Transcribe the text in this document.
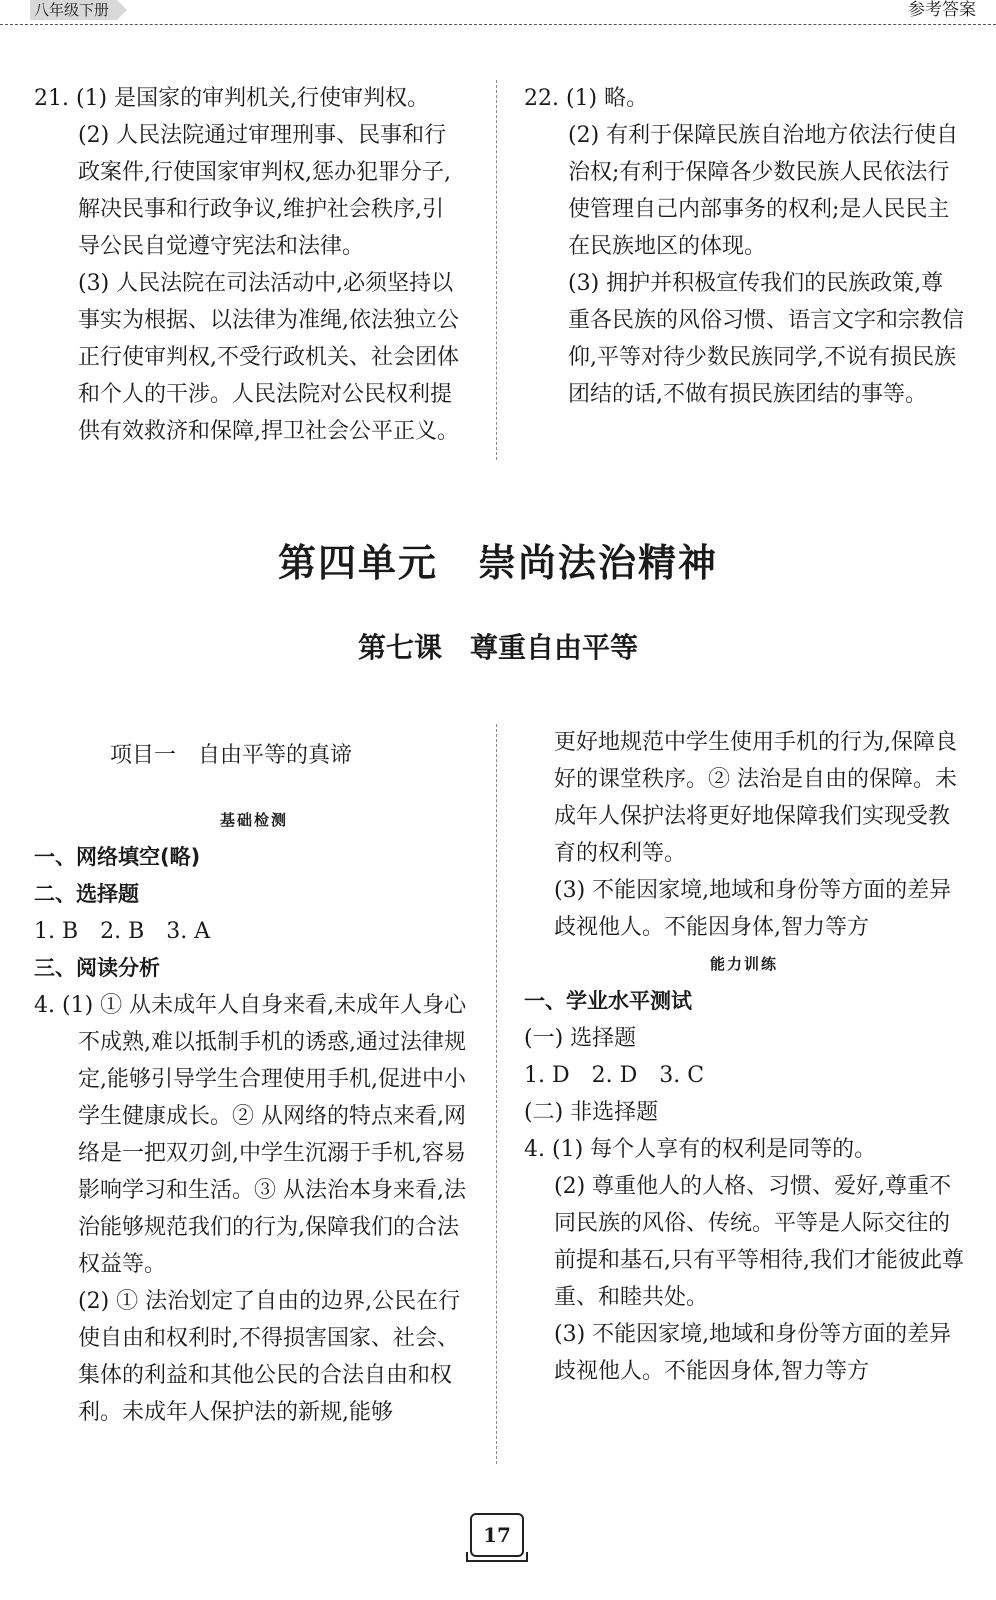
八年级下册	参考答案

21. (1) 是国家的审判机关,行使审判权。

(2) 人民法院通过审理刑事、民事和行政案件,行使国家审判权,惩办犯罪分子,解决民事和行政争议,维护社会秩序,引导公民自觉遵守宪法和法律。

(3) 人民法院在司法活动中,必须坚持以事实为根据、以法律为准绳,依法独立公正行使审判权,不受行政机关、社会团体和个人的干涉。人民法院对公民权利提供有效救济和保障,捍卫社会公平正义。

22. (1) 略。

(2) 有利于保障民族自治地方依法行使自治权;有利于保障各少数民族人民依法行使管理自己内部事务的权利;是人民民主在民族地区的体现。

(3) 拥护并积极宣传我们的民族政策,尊重各民族的风俗习惯、语言文字和宗教信仰,平等对待少数民族同学,不说有损民族团结的话,不做有损民族团结的事等。

第四单元　崇尚法治精神
第七课　尊重自由平等
项目一　自由平等的真谛

基础检测

一、网络填空(略)

二、选择题

1. B　2. B　3. A

三、阅读分析

4. (1) ① 从未成年人自身来看,未成年人身心不成熟,难以抵制手机的诱惑,通过法律规定,能够引导学生合理使用手机,促进中小学生健康成长。② 从网络的特点来看,网络是一把双刃剑,中学生沉溺于手机,容易影响学习和生活。③ 从法治本身来看,法治能够规范我们的行为,保障我们的合法权益等。

(2) ① 法治划定了自由的边界,公民在行使自由和权利时,不得损害国家、社会、集体的利益和其他公民的合法自由和权利。未成年人保护法的新规,能够

更好地规范中学生使用手机的行为,保障良好的课堂秩序。② 法治是自由的保障。未成年人保护法将更好地保障我们实现受教育的权利等。

(3) 不能因家境,地域和身份等方面的差异歧视他人。不能因身体,智力等方

能力训练

一、学业水平测试

(一) 选择题

1. D　2. D　3. C

(二) 非选择题

4. (1) 每个人享有的权利是同等的。

(2) 尊重他人的人格、习惯、爱好,尊重不同民族的风俗、传统。平等是人际交往的前提和基石,只有平等相待,我们才能彼此尊重、和睦共处。

(3) 不能因家境,地域和身份等方面的差异歧视他人。不能因身体,智力等方

17
